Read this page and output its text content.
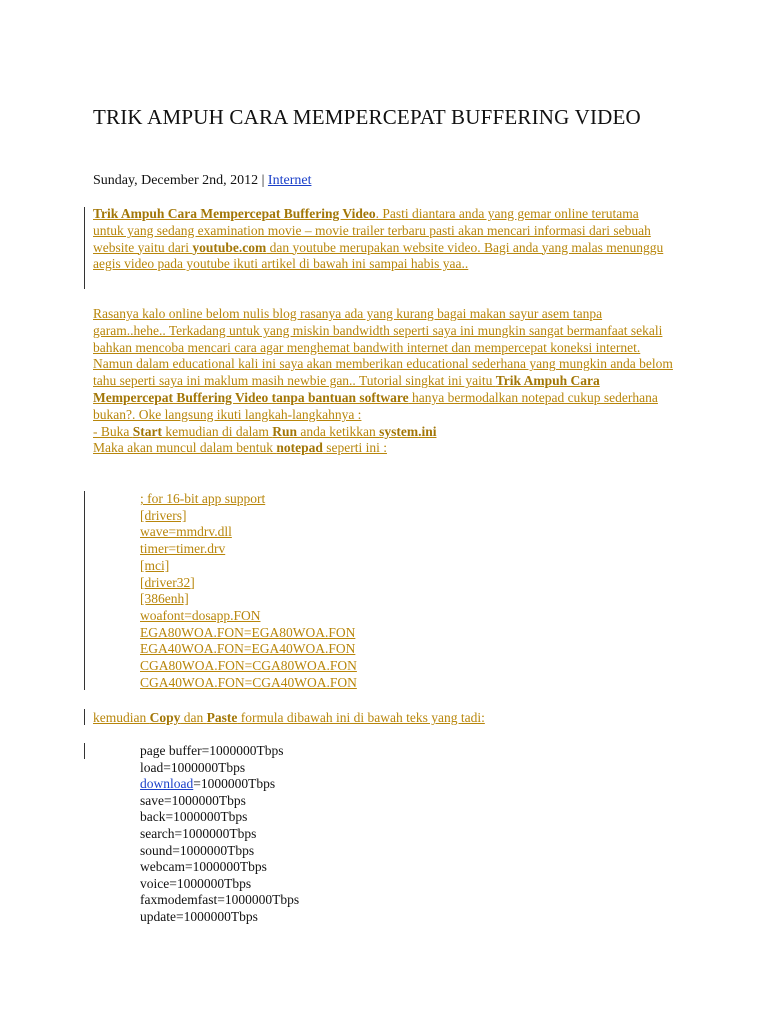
TRIK AMPUH CARA MEMPERCEPAT BUFFERING VIDEO
Sunday, December 2nd, 2012 | Internet
Trik Ampuh Cara Mempercepat Buffering Video. Pasti diantara anda yang gemar online terutama untuk yang sedang examination movie – movie trailer terbaru pasti akan mencari informasi dari sebuah website yaitu dari youtube.com dan youtube merupakan website video. Bagi anda yang malas menunggu aegis video pada youtube ikuti artikel di bawah ini sampai habis yaa..
Rasanya kalo online belom nulis blog rasanya ada yang kurang bagai makan sayur asem tanpa garam..hehe.. Terkadang untuk yang miskin bandwidth seperti saya ini mungkin sangat bermanfaat sekali bahkan mencoba mencari cara agar menghemat bandwith internet dan mempercepat koneksi internet. Namun dalam educational kali ini saya akan memberikan educational sederhana yang mungkin anda belom tahu seperti saya ini maklum masih newbie gan.. Tutorial singkat ini yaitu Trik Ampuh Cara Mempercepat Buffering Video tanpa bantuan software hanya bermodalkan notepad cukup sederhana bukan?. Oke langsung ikuti langkah-langkahnya :
- Buka Start kemudian di dalam Run anda ketikkan system.ini
Maka akan muncul dalam bentuk notepad seperti ini :
; for 16-bit app support
[drivers]
wave=mmdrv.dll
timer=timer.drv
[mci]
[driver32]
[386enh]
woafont=dosapp.FON
EGA80WOA.FON=EGA80WOA.FON
EGA40WOA.FON=EGA40WOA.FON
CGA80WOA.FON=CGA80WOA.FON
CGA40WOA.FON=CGA40WOA.FON
kemudian Copy dan Paste formula dibawah ini di bawah teks yang tadi:
page buffer=1000000Tbps
load=1000000Tbps
download=1000000Tbps
save=1000000Tbps
back=1000000Tbps
search=1000000Tbps
sound=1000000Tbps
webcam=1000000Tbps
voice=1000000Tbps
faxmodemfast=1000000Tbps
update=1000000Tbps
